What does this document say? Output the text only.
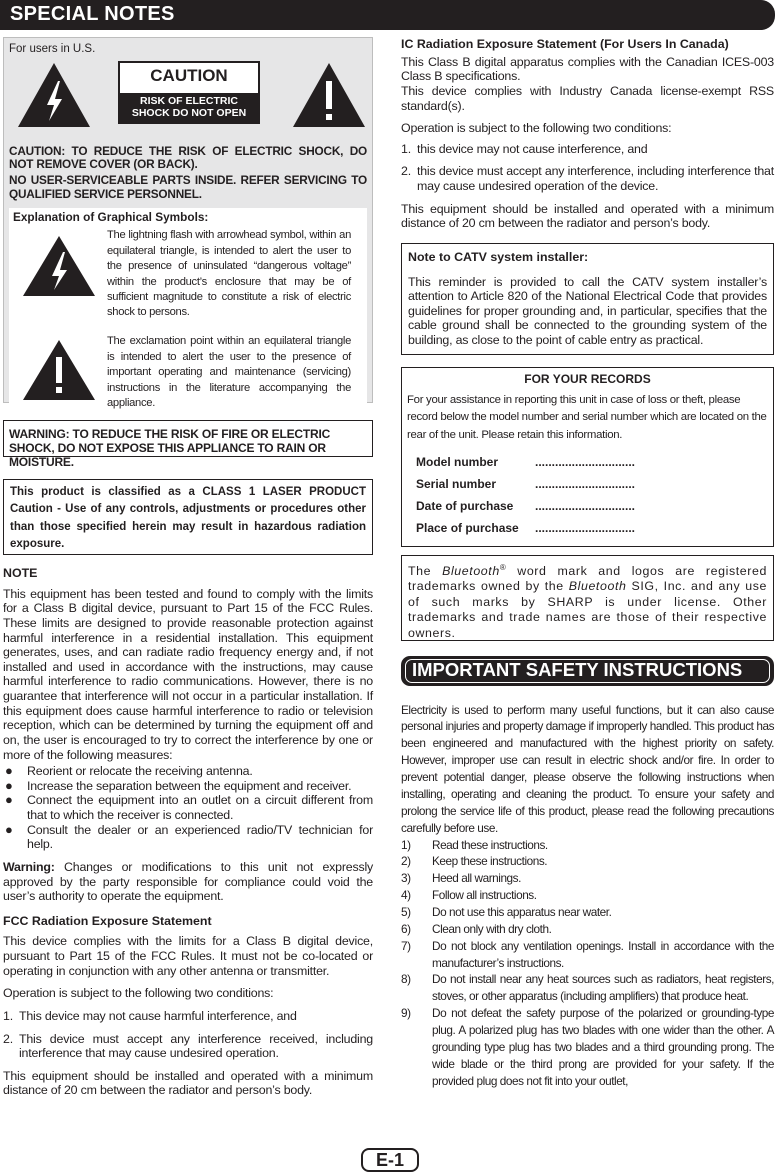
SPECIAL NOTES
For users in U.S.
CAUTION
RISK OF ELECTRIC SHOCK DO NOT OPEN
CAUTION: TO REDUCE THE RISK OF ELECTRIC SHOCK, DO NOT REMOVE COVER (OR BACK).
NO USER-SERVICEABLE PARTS INSIDE. REFER SERVICING TO QUALIFIED SERVICE PERSONNEL.
Explanation of Graphical Symbols:
The lightning flash with arrowhead symbol, within an equilateral triangle, is intended to alert the user to the presence of uninsulated “dangerous voltage” within the product’s enclosure that may be of sufficient magnitude to constitute a risk of electric shock to persons.
The exclamation point within an equilateral triangle is intended to alert the user to the presence of important operating and maintenance (servicing) instructions in the literature accompanying the appliance.
WARNING: TO REDUCE THE RISK OF FIRE OR ELECTRIC SHOCK, DO NOT EXPOSE THIS APPLIANCE TO RAIN OR MOISTURE.
This product is classified as a CLASS 1 LASER PRODUCT Caution - Use of any controls, adjustments or procedures other than those specified herein may result in hazardous radiation exposure.
NOTE

This equipment has been tested and found to comply with the limits for a Class B digital device, pursuant to Part 15 of the FCC Rules. These limits are designed to provide reasonable protection against harmful interference in a residential installation. This equipment generates, uses, and can radiate radio frequency energy and, if not installed and used in accordance with the instructions, may cause harmful interference to radio communications. However, there is no guarantee that interference will not occur in a particular installation. If this equipment does cause harmful interference to radio or television reception, which can be determined by turning the equipment off and on, the user is encouraged to try to correct the interference by one or more of the following measures:

● Reorient or relocate the receiving antenna.
● Increase the separation between the equipment and receiver.
● Connect the equipment into an outlet on a circuit different from that to which the receiver is connected.
● Consult the dealer or an experienced radio/TV technician for help.

Warning: Changes or modifications to this unit not expressly approved by the party responsible for compliance could void the user’s authority to operate the equipment.

FCC Radiation Exposure Statement

This device complies with the limits for a Class B digital device, pursuant to Part 15 of the FCC Rules. It must not be co-located or operating in conjunction with any other antenna or transmitter.

Operation is subject to the following two conditions:

1. This device may not cause harmful interference, and
2. This device must accept any interference received, including interference that may cause undesired operation.

This equipment should be installed and operated with a minimum distance of 20 cm between the radiator and person’s body.

IC Radiation Exposure Statement (For Users In Canada)

This Class B digital apparatus complies with the Canadian ICES-003 Class B specifications.

This device complies with Industry Canada license-exempt RSS standard(s).

Operation is subject to the following two conditions:

1. this device may not cause interference, and
2. this device must accept any interference, including interference that may cause undesired operation of the device.

This equipment should be installed and operated with a minimum distance of 20 cm between the radiator and person’s body.

Note to CATV system installer:

This reminder is provided to call the CATV system installer’s attention to Article 820 of the National Electrical Code that provides guidelines for proper grounding and, in particular, specifies that the cable ground shall be connected to the grounding system of the building, as close to the point of cable entry as practical.

FOR YOUR RECORDS
For your assistance in reporting this unit in case of loss or theft, please record below the model number and serial number which are located on the rear of the unit. Please retain this information.
Model number	..............................
Serial number	..............................
Date of purchase	..............................
Place of purchase	..............................
The Bluetooth® word mark and logos are registered trademarks owned by the Bluetooth SIG, Inc. and any use of such marks by SHARP is under license. Other trademarks and trade names are those of their respective owners.
IMPORTANT SAFETY INSTRUCTIONS

Electricity is used to perform many useful functions, but it can also cause personal injuries and property damage if improperly handled. This product has been engineered and manufactured with the highest priority on safety. However, improper use can result in electric shock and/or fire. In order to prevent potential danger, please observe the following instructions when installing, operating and cleaning the product. To ensure your safety and prolong the service life of this product, please read the following precautions carefully before use.

1) Read these instructions.
2) Keep these instructions.
3) Heed all warnings.
4) Follow all instructions.
5) Do not use this apparatus near water.
6) Clean only with dry cloth.
7) Do not block any ventilation openings. Install in accordance with the manufacturer’s instructions.
8) Do not install near any heat sources such as radiators, heat registers, stoves, or other apparatus (including amplifiers) that produce heat.
9) Do not defeat the safety purpose of the polarized or grounding-type plug. A polarized plug has two blades with one wider than the other. A grounding type plug has two blades and a third grounding prong. The wide blade or the third prong are provided for your safety. If the provided plug does not fit into your outlet,
E-1
